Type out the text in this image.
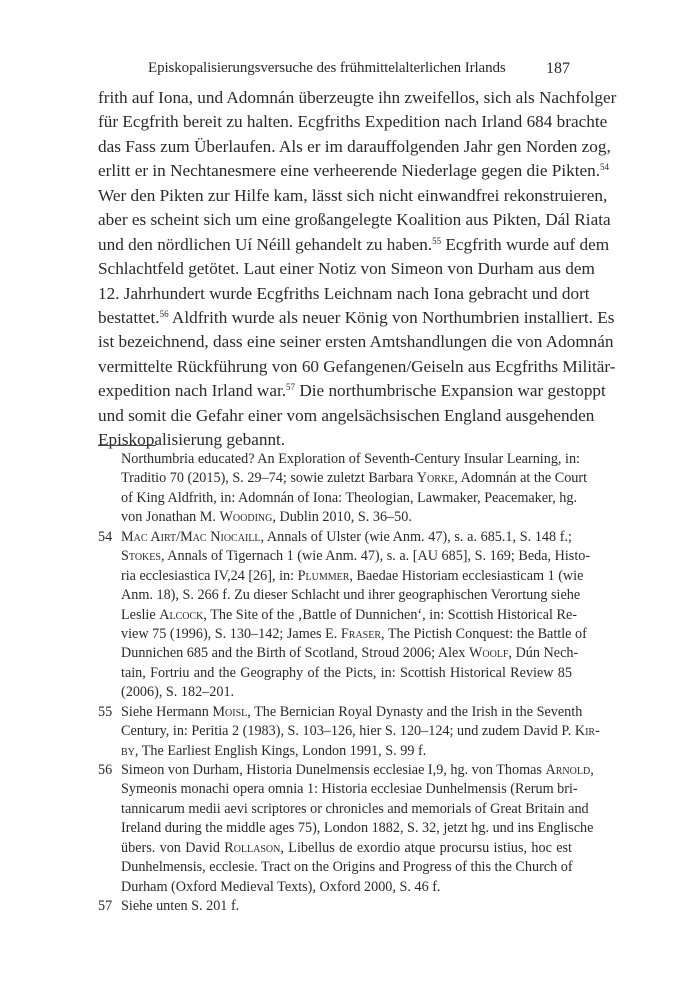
Episkopalisierungsversuche des frühmittelalterlichen Irlands	187
frith auf Iona, und Adomnán überzeugte ihn zweifellos, sich als Nachfolger
für Ecgfrith bereit zu halten. Ecgfriths Expedition nach Irland 684 brachte
das Fass zum Überlaufen. Als er im darauffolgenden Jahr gen Norden zog,
erlitt er in Nechtanesmere eine verheerende Niederlage gegen die Pikten.$^{54}$
Wer den Pikten zur Hilfe kam, lässt sich nicht einwandfrei rekonstruieren,
aber es scheint sich um eine großangelegte Koalition aus Pikten, Dál Riata
und den nördlichen Uí Néill gehandelt zu haben.$^{55}$ Ecgfrith wurde auf dem
Schlachtfeld getötet. Laut einer Notiz von Simeon von Durham aus dem
12. Jahrhundert wurde Ecgfriths Leichnam nach Iona gebracht und dort
bestattet.$^{56}$ Aldfrith wurde als neuer König von Northumbrien installiert. Es
ist bezeichnend, dass eine seiner ersten Amtshandlungen die von Adomnán
vermittelte Rückführung von 60 Gefangenen/Geiseln aus Ecgfriths Militär-
expedition nach Irland war.$^{57}$ Die northumbrische Expansion war gestoppt
und somit die Gefahr einer vom angelsächsischen England ausgehenden
Episkopalisierung gebannt.
Northumbria educated? An Exploration of Seventh-Century Insular Learning, in:
Traditio 70 (2015), S. 29–74; sowie zuletzt Barbara Yorke, Adomnán at the Court
of King Aldfrith, in: Adomnán of Iona: Theologian, Lawmaker, Peacemaker, hg.
von Jonathan M. Wooding, Dublin 2010, S. 36–50.
54 Mac Airt/Mac Niocaill, Annals of Ulster (wie Anm. 47), s. a. 685.1, S. 148 f.;
Stokes, Annals of Tigernach 1 (wie Anm. 47), s. a. [AU 685], S. 169; Beda, Histo-
ria ecclesiastica IV,24 [26], in: Plummer, Baedae Historiam ecclesiasticam 1 (wie
Anm. 18), S. 266 f. Zu dieser Schlacht und ihrer geographischen Verortung siehe
Leslie Alcock, The Site of the ‚Battle of Dunnichen‘, in: Scottish Historical Re-
view 75 (1996), S. 130–142; James E. Fraser, The Pictish Conquest: the Battle of
Dunnichen 685 and the Birth of Scotland, Stroud 2006; Alex Woolf, Dún Nech-
tain, Fortriu and the Geography of the Picts, in: Scottish Historical Review 85
(2006), S. 182–201.
55 Siehe Hermann Moisl, The Bernician Royal Dynasty and the Irish in the Seventh
Century, in: Peritia 2 (1983), S. 103–126, hier S. 120–124; und zudem David P. Kir-
by, The Earliest English Kings, London 1991, S. 99 f.
56 Simeon von Durham, Historia Dunelmensis ecclesiae I,9, hg. von Thomas Arnold,
Symeonis monachi opera omnia 1: Historia ecclesiae Dunhelmensis (Rerum bri-
tannicarum medii aevi scriptores or chronicles and memorials of Great Britain and
Ireland during the middle ages 75), London 1882, S. 32, jetzt hg. und ins Englische
übers. von David Rollason, Libellus de exordio atque procursu istius, hoc est
Dunhelmensis, ecclesie. Tract on the Origins and Progress of this the Church of
Durham (Oxford Medieval Texts), Oxford 2000, S. 46 f.
57 Siehe unten S. 201 f.
